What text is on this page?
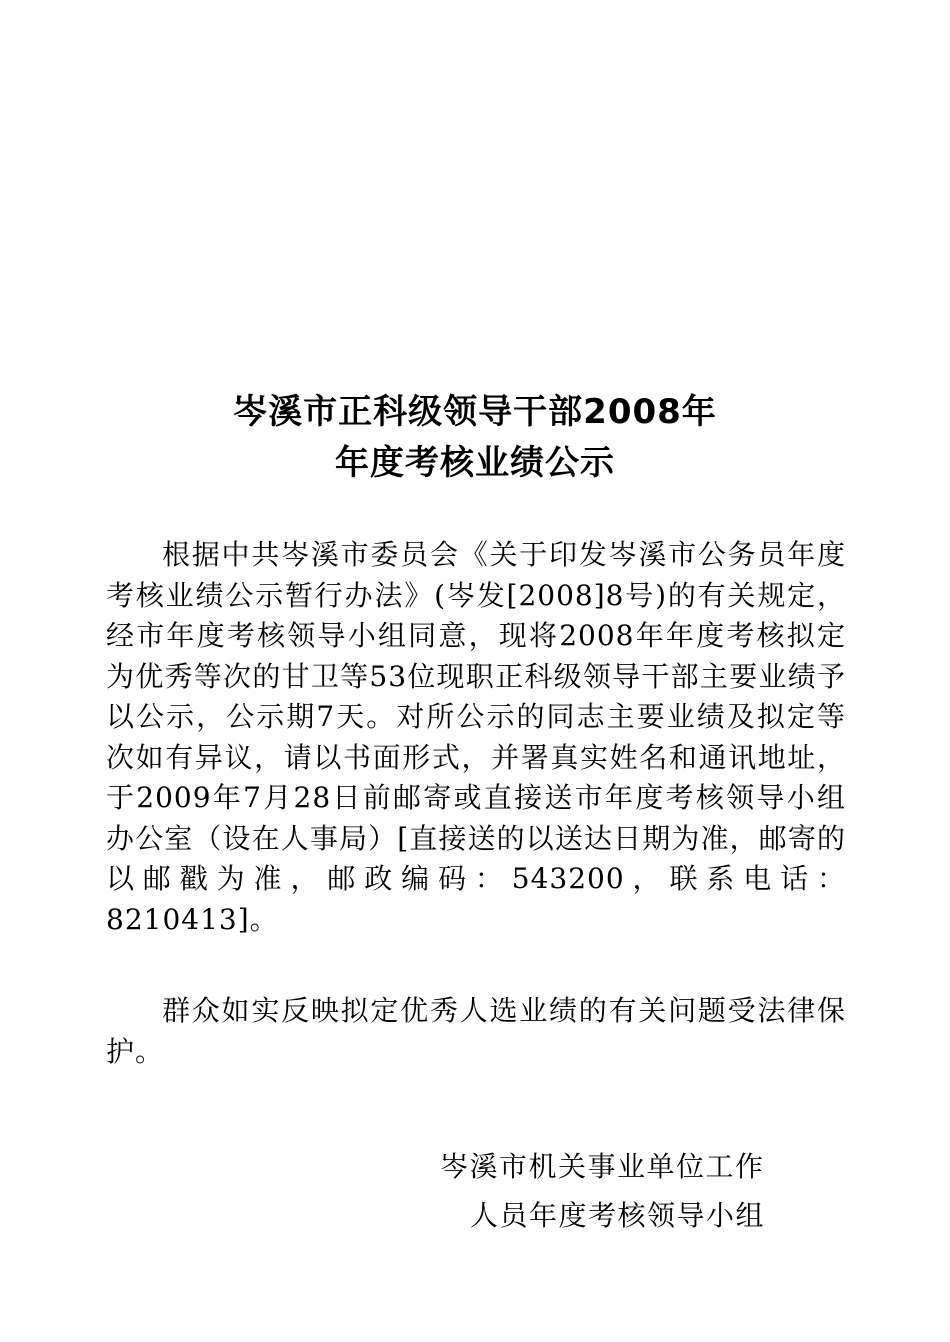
岑溪市正科级领导干部2008年
年度考核业绩公示

根据中共岑溪市委员会《关于印发岑溪市公务员年度考核业绩公示暂行办法》(岑发[2008]8号)的有关规定，经市年度考核领导小组同意，现将2008年年度考核拟定为优秀等次的甘卫等53位现职正科级领导干部主要业绩予以公示，公示期7天。对所公示的同志主要业绩及拟定等次如有异议，请以书面形式，并署真实姓名和通讯地址，于2009年7月28日前邮寄或直接送市年度考核领导小组办公室（设在人事局）[直接送的以送达日期为准，邮寄的以邮戳为准，邮政编码：543200，联系电话：8210413]。

群众如实反映拟定优秀人选业绩的有关问题受法律保护。

岑溪市机关事业单位工作
人员年度考核领导小组
